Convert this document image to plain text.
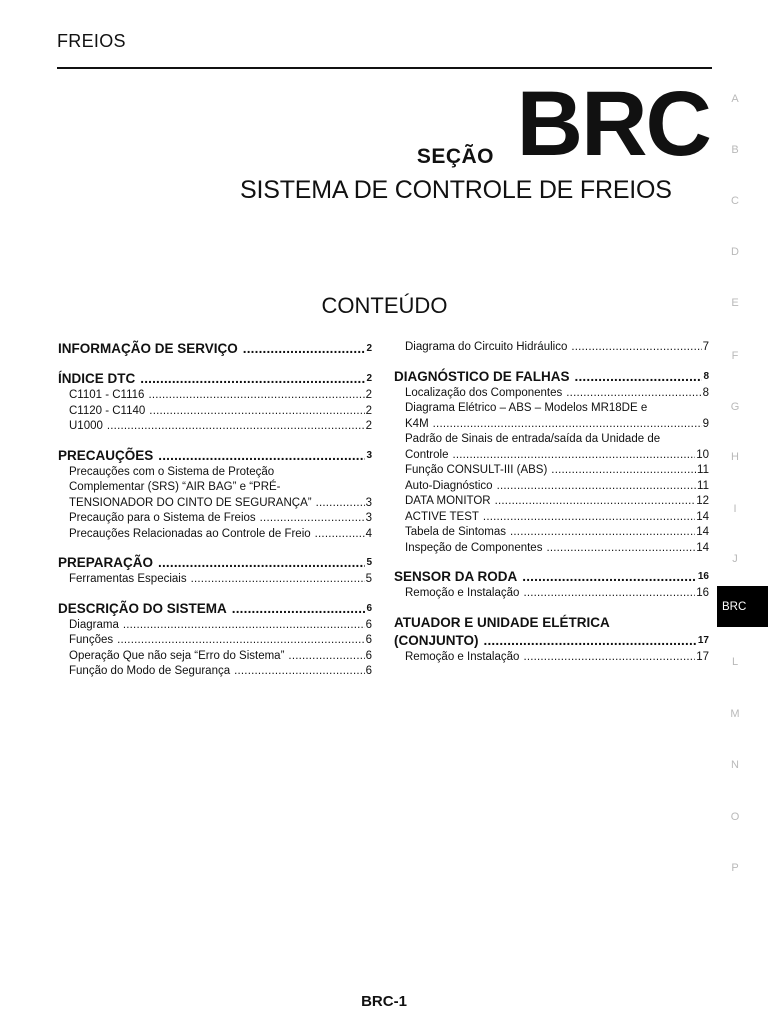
FREIOS
SEÇÃO BRC
SISTEMA DE CONTROLE DE FREIOS
CONTEÚDO
INFORMAÇÃO DE SERVIÇO .....	2
ÍNDICE DTC .....	2
C1101 - C1116 .....	2
C1120 - C1140 .....	2
U1000 .....	2
PRECAUÇÕES .....	3
Precauções com o Sistema de Proteção
Complementar (SRS) “AIR BAG” e “PRÉ-
TENSIONADOR DO CINTO DE SEGURANÇA” .....	3
Precaução para o Sistema de Freios .....	3
Precauções Relacionadas ao Controle de Freio .....	4
PREPARAÇÃO .....	5
Ferramentas Especiais .....	5
DESCRIÇÃO DO SISTEMA .....	6
Diagrama .....	6
Funções .....	6
Operação Que não seja “Erro do Sistema” .....	6
Função do Modo de Segurança .....	6
Diagrama do Circuito Hidráulico .....	7
DIAGNÓSTICO DE FALHAS .....	8
Localização dos Componentes .....	8
Diagrama Elétrico – ABS – Modelos MR18DE e
K4M .....	9
Padrão de Sinais de entrada/saída da Unidade de
Controle .....	10
Função CONSULT-III (ABS) .....	11
Auto-Diagnóstico .....	11
DATA MONITOR .....	12
ACTIVE TEST .....	14
Tabela de Sintomas .....	14
Inspeção de Componentes .....	14
SENSOR DA RODA .....	16
Remoção e Instalação .....	16
ATUADOR E UNIDADE ELÉTRICA
(CONJUNTO) .....	17
Remoção e Instalação .....	17
A
B
C
D
E
F
G
H
I
J
L
M
N
O
P
BRC
BRC-1
